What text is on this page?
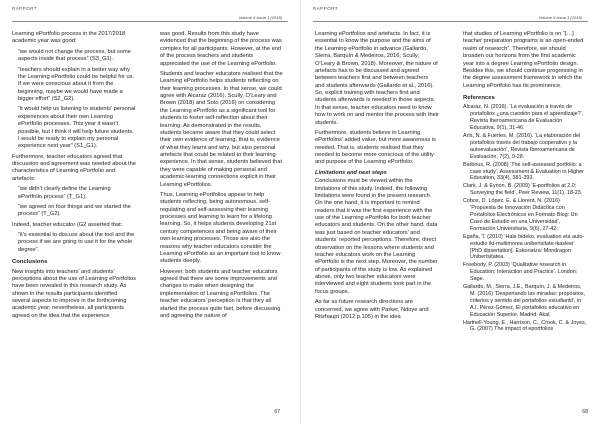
RAPPORT
Volume 6 Issue 1 (2018)

Learning ePortfolio process in the 2017/2018 academic year was good:

“we would not change the process, but some aspects inside that process” (S3_G1).

“teachers should explain in a better way why the Learning ePortfolio could be helpful for us. If we were conscious about it from the beginning, maybe we would have made a bigger effort” (S2_G2).

“it would help us listening to students’ personal experiences about their own Learning ePortfolio processes. This year it wasn’t possible, but I think it will help future students. I would be ready to explain my personal experience next year” (S1_G1).

Furthermore, teacher educators agreed that discussion and agreement was needed about the characteristics of Learning ePortfolio and artefacts:

“we didn’t clearly define the Learning ePortfolio process” (T_G1).

“we agreed on four things and we started the process” (T_G2).

Indeed, teacher educator (G2 asserted that:

“it’s essential to discuss about the tool and the process if we are going to use it for the whole degree”.

Conclusions

New insights into teachers’ and students’ perceptions about the use of Learning ePortfolios have been revealed in this research study. As shown in the results participants identified several aspects to improve in the forthcoming academic year; nevertheless, all participants agreed on the idea that the experience

was good. Results from this study have evidenced that the beginning of the process was complex for all participants. However, at the end of the process teachers and students appreciated the use of the Learning ePortfolio.

Students and teacher educators realised that the Learning ePortfolio helps students reflecting on their learning processes. In that sense, we could agree with Alcaraz (2016), Scully, O’Leary and Brown (2018) and Soto (2016) on considering the Learning ePortfolio as a significant tool for students to foster self-reflection about their learning. As demonstrated in the results, students became aware that they could select their own evidence of learning, that is, evidence of what they learnt and why, but also personal artefacts that could be related to their learning experience. In that sense, students believed that they were capable of making personal and academic-learning connections explicit in their Learning ePortfolios.

Thus, Learning ePortfolios appear to help students reflecting, being autonomous, self-regulating and self-assessing their learning processes and learning to learn for a lifelong learning. So, it helps students developing 21st century competences and being aware of their own learning processes. Those are also the reasons why teacher educators consider the Learning ePortfolio as an important tool to know students deeply.

However, both students and teacher educators agreed that there are some improvements and changes to make when designing the implementation of Learning ePortfolios. The teacher educators’ perception is that they all started the process quite fast, before discussing and agreeing the nature of

67
RAPPORT
Volume 6 Issue 1 (2018)

Learning ePortfolios and artefacts. In fact, it is essential to know the purpose and the aims of the Learning ePortfolio in advance (Gallardo, Sierra, Barquín & Medeiros, 2016; Scully, O’Leary & Brown, 2018). Moreover, the nature of artefacts has to be discussed and agreed between teachers first and between teachers and students afterwards (Gallardo et al., 2016). So, explicit training with teachers first and students afterwards is needed in those aspects. In that sense, teacher educators need to know how to work on and mentor the process with their students.

Furthermore, students believe in Learning ePortfolios’ added value, but more awareness is needed. That is, students realised that they needed to become more conscious of the utility and purpose of the Learning ePortfolio.

Limitations and next steps

Conclusions must be viewed within the limitations of this study. Indeed, the following limitations were found in the present research. On the one hand, it is important to remind readers that it was the first experience with the use of the Learning ePortfolio for both teacher educators and students. On the other hand, data was just based on teacher educators’ and students’ reported perceptions. Therefore, direct observation on the lessons where students and teacher educators work on the Learning ePortfolio is the next step. Moreover, the number of participants of the study is low. As explained above, only two teacher educators were interviewed and eight students took part in the focus groups.

As far as future research directions are concerned, we agree with Parker, Ndoye and Ritzhaupt (2012 p.105) in the idea

that studies of Learning ePortfolio is on “[…] teacher preparation programs is an open-ended realm of research”. Therefore, we should broaden our horizons from the first academic year into a degree Learning ePortfolio design. Besides this, we should continue progressing in the degree assessment framework in which the Learning ePortfolio has its prominence.

References

Alcaraz, N. (2016). ‘La evaluación a través de portafolios ¿una cuestión para el aprendizaje?’, Revista Iberoamericana de Evaluación Educativa, 9(1), 31-46.

Arís, N. & Fuertes, M. (2016). ‘La elaboración del portafolios través del trabajo cooperativo y la autoevaluación’, Revista Iberoamericana de Evaluación, 7(2), 9-28.

Barbous, R. (2008) ‘The self-assessed portfolio: a case study’, Assessment & Evaluation in Higher Education, 33(4), 381-393.

Clark, J. & Eynon, B. (2009) ‘E-portfolios at 2.0: Surveying the field’, Peer Review, 11(1), 18-23.

Cobos, D. López, E. & Llorent, N. (2016) ‘Propuesta de Innovación Didáctica con Portafolios Electrónicos en Formato Blog: Un Caso de Estudio en una Universidad’, Formación Universitaria, 9(6), 27-42.

Egaña, T. (2010) ‘Hala bideko, evaluation eta auto-estudio ikt-multimorea unibertsitate-ikasleei’ [PhD dissertation]. Eskoriatza: Mondragon Unibertsitatea.

Freebody, P. (2003) ‘Qualitative research in Education: Interaction and Practice’. London: Sage.

Gallardo, M., Sierra, J.E., Barquín, J. & Medeiros, M. (2016) ‘Despertando las miradas: propósitos, criterios y sentido del portafolios estudiantil’, in A.I. Pérez-Gómez, El portafolios educativo en Educación Superior. Madrid: Akal.

Hartnell-Young, E., Harrison, C., Crook, C. & Joyes, G. (2007) The impact of eportfolios

68
